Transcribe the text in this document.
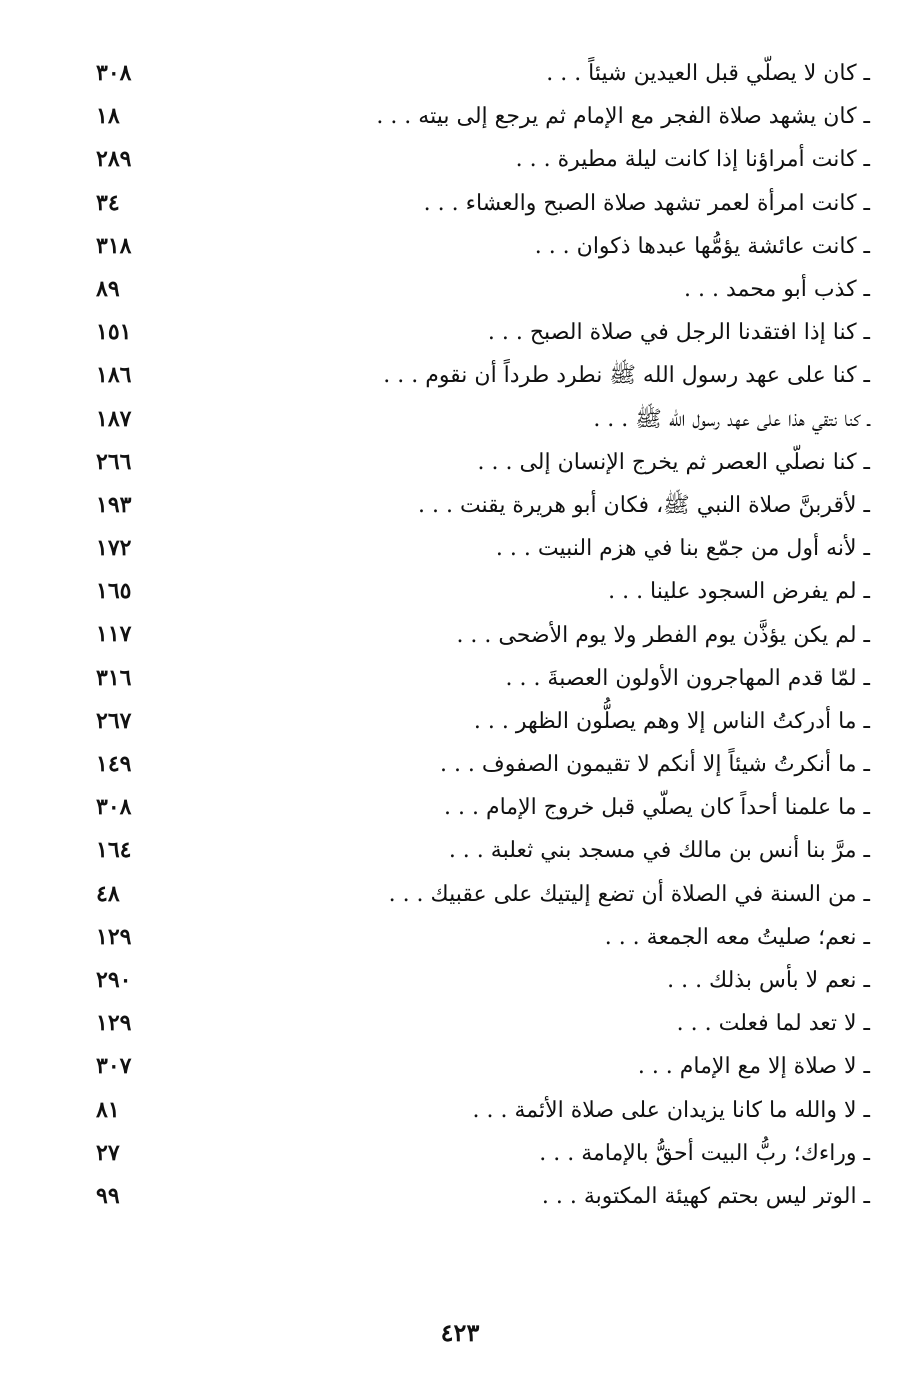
ـ كان لا يصلّي قبل العيدين شيئاً . . .
٣٠٨
ـ كان يشهد صلاة الفجر مع الإمام ثم يرجع إلى بيته . . .
١٨
ـ كانت أمراؤنا إذا كانت ليلة مطيرة . . .
٢٨٩
ـ كانت امرأة لعمر تشهد صلاة الصبح والعشاء . . .
٣٤
ـ كانت عائشة يؤمُّها عبدها ذكوان . . .
٣١٨
ـ كذب أبو محمد . . .
٨٩
ـ كنا إذا افتقدنا الرجل في صلاة الصبح . . .
١٥١
ـ كنا على عهد رسول الله ﷺ نطرد طرداً أن نقوم . . .
١٨٦
ـ كنا نتقي هذا على عهد رسول الله ﷺ . . .
١٨٧
ـ كنا نصلّي العصر ثم يخرج الإنسان إلى . . .
٢٦٦
ـ لأقربنَّ صلاة النبي ﷺ، فكان أبو هريرة يقنت . . .
١٩٣
ـ لأنه أول من جمّع بنا في هزم النبيت . . .
١٧٢
ـ لم يفرض السجود علينا . . .
١٦٥
ـ لم يكن يؤذَّن يوم الفطر ولا يوم الأضحى . . .
١١٧
ـ لمّا قدم المهاجرون الأولون العصبةَ . . .
٣١٦
ـ ما أدركتُ الناس إلا وهم يصلُّون الظهر . . .
٢٦٧
ـ ما أنكرتُ شيئاً إلا أنكم لا تقيمون الصفوف . . .
١٤٩
ـ ما علمنا أحداً كان يصلّي قبل خروج الإمام . . .
٣٠٨
ـ مرَّ بنا أنس بن مالك في مسجد بني ثعلبة . . .
١٦٤
ـ من السنة في الصلاة أن تضع إليتيك على عقبيك . . .
٤٨
ـ نعم؛ صليتُ معه الجمعة . . .
١٢٩
ـ نعم لا بأس بذلك . . .
٢٩٠
ـ لا تعد لما فعلت . . .
١٢٩
ـ لا صلاة إلا مع الإمام . . .
٣٠٧
ـ لا والله ما كانا يزيدان على صلاة الأئمة . . .
٨١
ـ وراءك؛ ربُّ البيت أحقُّ بالإمامة . . .
٢٧
ـ الوتر ليس بحتم كهيئة المكتوبة . . .
٩٩
٤٢٣
